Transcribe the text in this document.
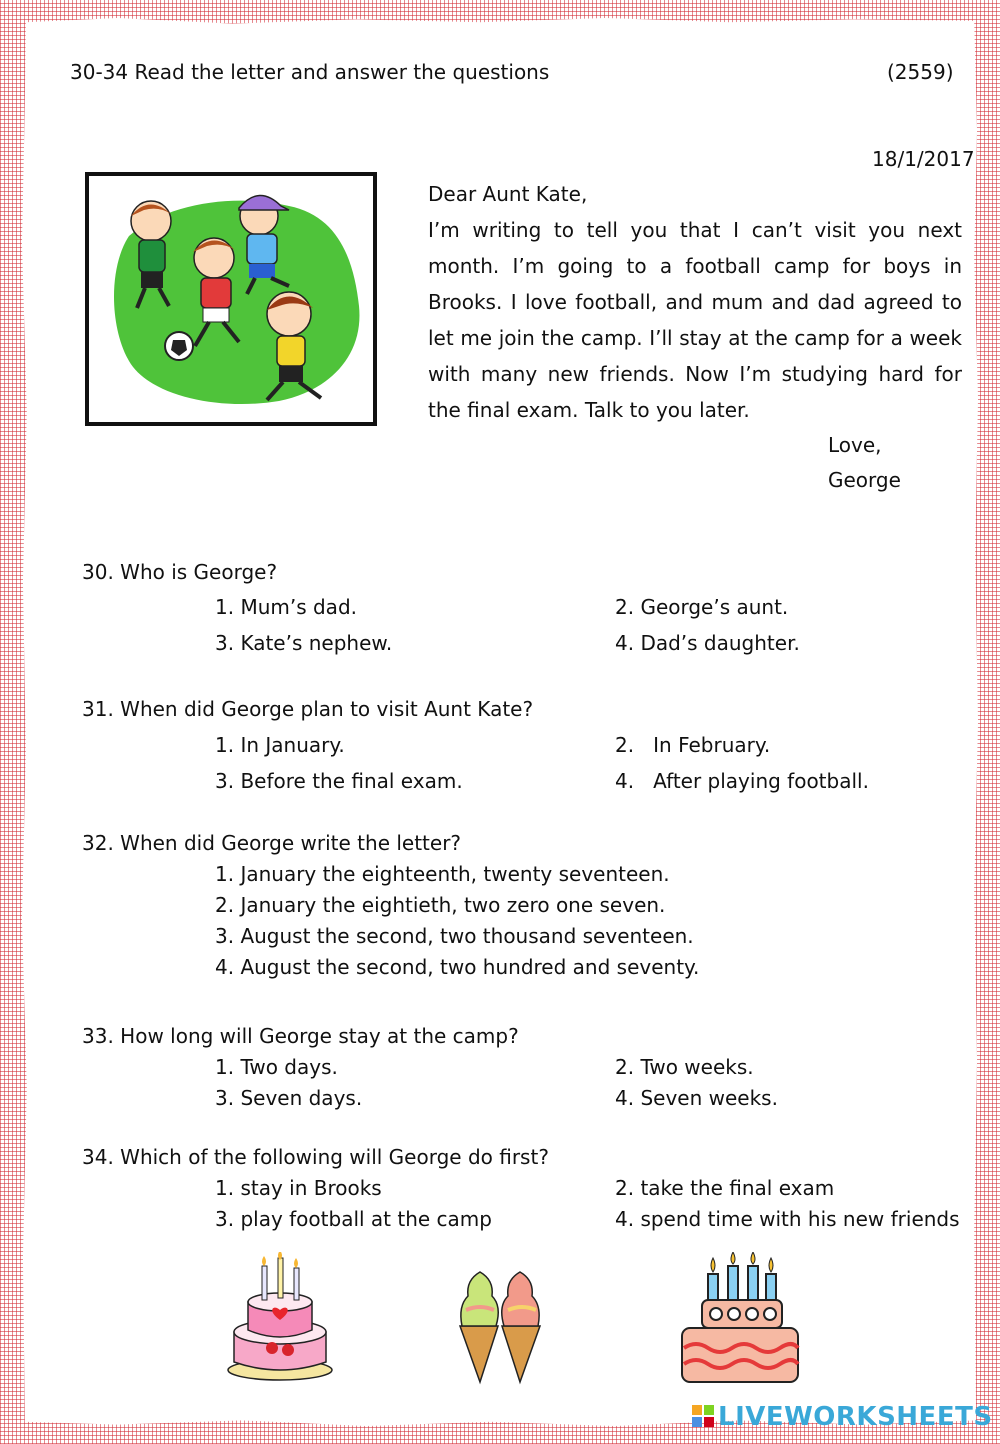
30-34 Read the letter and answer the questions	(2559)

18/1/2017

Dear Aunt Kate,

I’m writing to tell you that I can’t visit you next month. I’m going to a football camp for boys in Brooks. I love football, and mum and dad agreed to let me join the camp. I’ll stay at the camp for a week with many new friends. Now I’m studying hard for the final exam. Talk to you later.

Love,

George

30. Who is George?

1. Mum’s dad.	2. George’s aunt.

3. Kate’s nephew.	4. Dad’s daughter.

31. When did George plan to visit Aunt Kate?

1. In January.	2.   In February.

3. Before the final exam.	4.   After playing football.

32. When did George write the letter?

1. January the eighteenth, twenty seventeen.

2. January the eightieth, two zero one seven.

3. August the second, two thousand seventeen.

4. August the second, two hundred and seventy.

33. How long will George stay at the camp?

1. Two days.	2. Two weeks.

3. Seven days.	4. Seven weeks.

34. Which of the following will George do first?

1. stay in Brooks	2. take the final exam

3. play football at the camp	4. spend time with his new friends

LIVEWORKSHEETS
